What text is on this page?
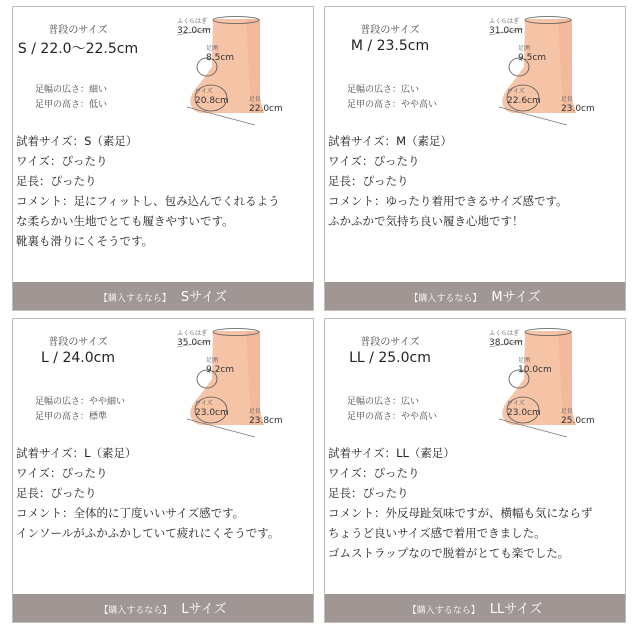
普段のサイズ
S / 22.0〜22.5cm
足幅の広さ：細い
足甲の高さ：低い
ふくらはぎ
32.0cm
足囲
8.5cm
ワイズ
20.8cm	足長
22.0cm
試着サイズ：S（素足）
ワイズ：ぴったり
足長：ぴったり
コメント：足にフィットし、包み込んでくれるよう
な柔らかい生地でとても履きやすいです。
靴裏も滑りにくそうです。
【購入するなら】 Sサイズ
普段のサイズ
M / 23.5cm
足幅の広さ：広い
足甲の高さ：やや高い
ふくらはぎ
31.0cm
足囲
9.5cm
ワイズ
22.6cm	足長
23.0cm
試着サイズ：M（素足）
ワイズ：ぴったり
足長：ぴったり
コメント：ゆったり着用できるサイズ感です。
ふかふかで気持ち良い履き心地です！
【購入するなら】 Mサイズ
普段のサイズ
L / 24.0cm
足幅の広さ：やや細い
足甲の高さ：標準
ふくらはぎ
35.0cm
足囲
9.2cm
ワイズ
23.0cm	足長
23.8cm
試着サイズ：L（素足）
ワイズ：ぴったり
足長：ぴったり
コメント：全体的に丁度いいサイズ感です。
インソールがふかふかしていて疲れにくそうです。
【購入するなら】 Lサイズ
普段のサイズ
LL / 25.0cm
足幅の広さ：広い
足甲の高さ：やや高い
ふくらはぎ
38.0cm
足囲
10.0cm
ワイズ
23.0cm	足長
25.0cm
試着サイズ：LL（素足）
ワイズ：ぴったり
足長：ぴったり
コメント：外反母趾気味ですが、横幅も気にならず
ちょうど良いサイズ感で着用できました。
ゴムストラップなので脱着がとても楽でした。
【購入するなら】 LLサイズ
